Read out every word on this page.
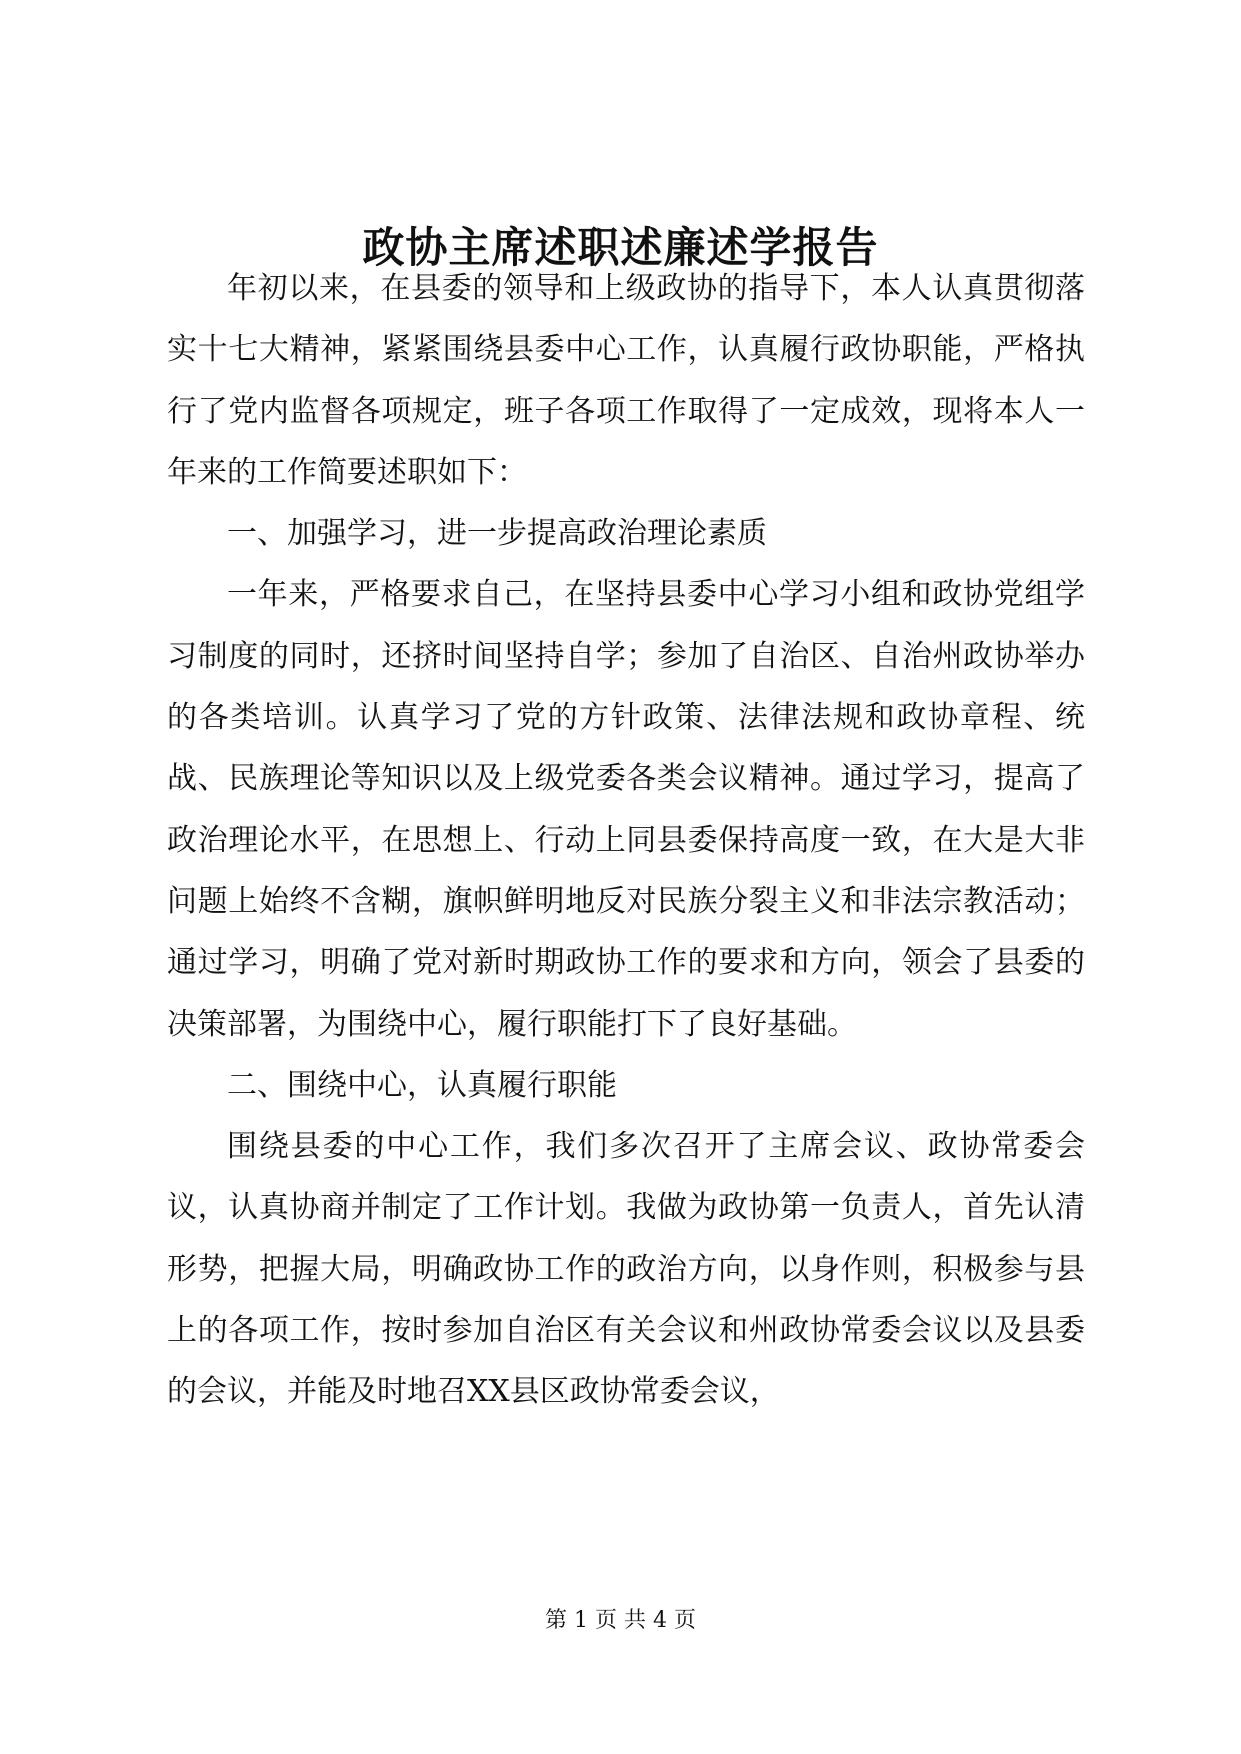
政协主席述职述廉述学报告

年初以来，在县委的领导和上级政协的指导下，本人认真贯彻落实十七大精神，紧紧围绕县委中心工作，认真履行政协职能，严格执行了党内监督各项规定，班子各项工作取得了一定成效，现将本人一年来的工作简要述职如下：

一、加强学习，进一步提高政治理论素质

一年来，严格要求自己，在坚持县委中心学习小组和政协党组学习制度的同时，还挤时间坚持自学；参加了自治区、自治州政协举办的各类培训。认真学习了党的方针政策、法律法规和政协章程、统战、民族理论等知识以及上级党委各类会议精神。通过学习，提高了政治理论水平，在思想上、行动上同县委保持高度一致，在大是大非问题上始终不含糊，旗帜鲜明地反对民族分裂主义和非法宗教活动；通过学习，明确了党对新时期政协工作的要求和方向，领会了县委的决策部署，为围绕中心，履行职能打下了良好基础。

二、围绕中心，认真履行职能

围绕县委的中心工作，我们多次召开了主席会议、政协常委会议，认真协商并制定了工作计划。我做为政协第一负责人，首先认清形势，把握大局，明确政协工作的政治方向，以身作则，积极参与县上的各项工作，按时参加自治区有关会议和州政协常委会议以及县委的会议，并能及时地召XX县区政协常委会议，

第 1 页 共 4 页
